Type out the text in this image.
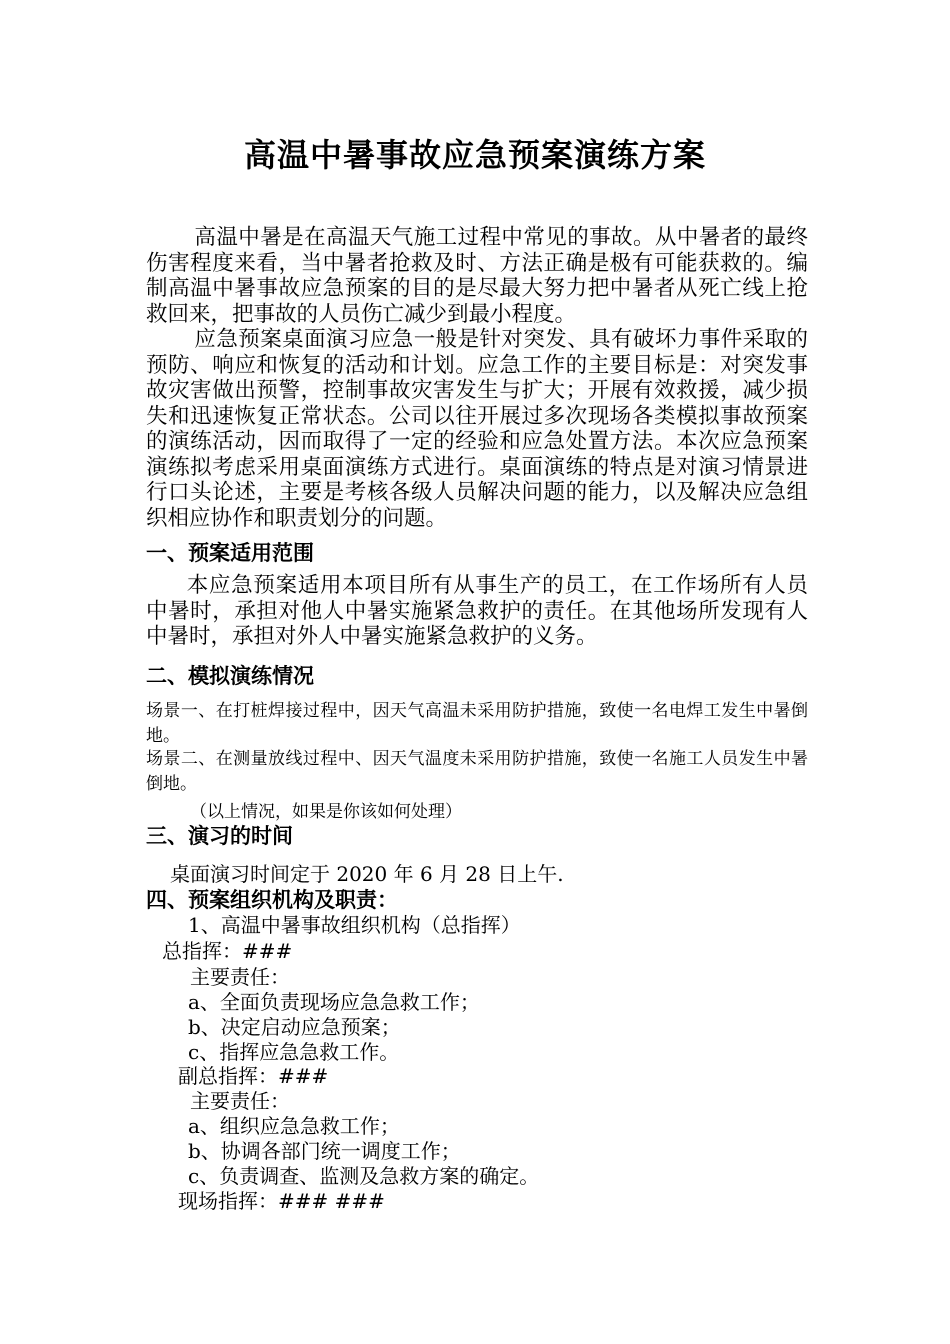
高温中暑事故应急预案演练方案

高温中暑是在高温天气施工过程中常见的事故。从中暑者的最终伤害程度来看，当中暑者抢救及时、方法正确是极有可能获救的。编制高温中暑事故应急预案的目的是尽最大努力把中暑者从死亡线上抢救回来，把事故的人员伤亡减少到最小程度。

应急预案桌面演习应急一般是针对突发、具有破坏力事件采取的预防、响应和恢复的活动和计划。应急工作的主要目标是：对突发事故灾害做出预警，控制事故灾害发生与扩大；开展有效救援，减少损失和迅速恢复正常状态。公司以往开展过多次现场各类模拟事故预案的演练活动，因而取得了一定的经验和应急处置方法。本次应急预案演练拟考虑采用桌面演练方式进行。桌面演练的特点是对演习情景进行口头论述，主要是考核各级人员解决问题的能力，以及解决应急组织相应协作和职责划分的问题。

一、预案适用范围

本应急预案适用本项目所有从事生产的员工，在工作场所有人员中暑时，承担对他人中暑实施紧急救护的责任。在其他场所发现有人中暑时，承担对外人中暑实施紧急救护的义务。

二、模拟演练情况

场景一、在打桩焊接过程中，因天气高温未采用防护措施，致使一名电焊工发生中暑倒地。

场景二、在测量放线过程中、因天气温度未采用防护措施，致使一名施工人员发生中暑倒地。

（以上情况，如果是你该如何处理）
三、演习的时间
桌面演习时间定于 2020 年 6 月 28 日上午.
四、预案组织机构及职责：
1、高温中暑事故组织机构（总指挥）
总指挥：###
主要责任：
a、全面负责现场应急急救工作；
b、决定启动应急预案；
c、指挥应急急救工作。
副总指挥：###
主要责任：
a、组织应急急救工作；
b、协调各部门统一调度工作；
c、负责调查、监测及急救方案的确定。
现场指挥：### ###
